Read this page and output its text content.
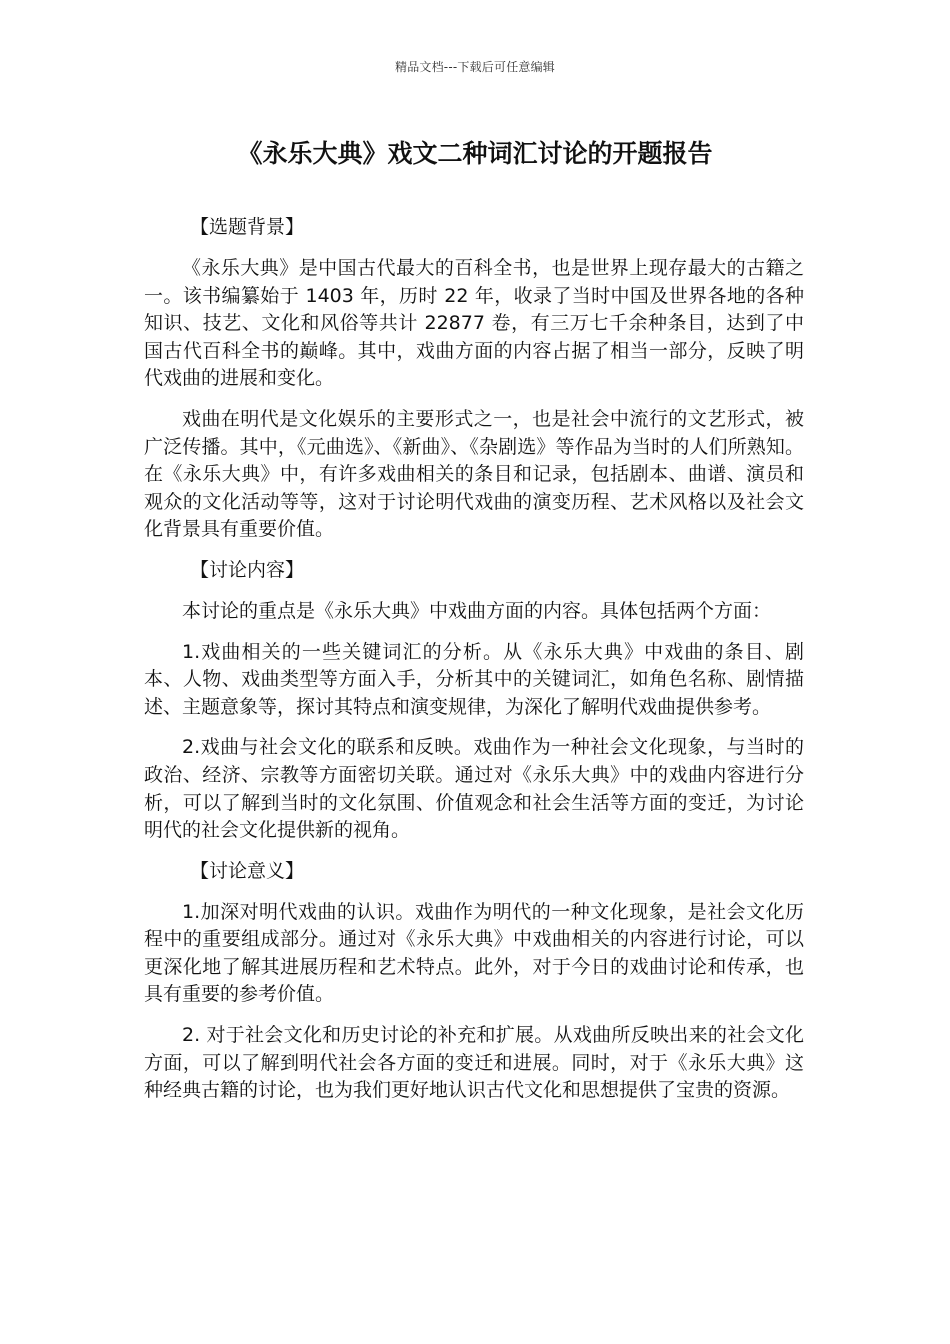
精品文档---下载后可任意编辑
《永乐大典》戏文二种词汇讨论的开题报告
【选题背景】

《永乐大典》是中国古代最大的百科全书，也是世界上现存最大的古籍之一。该书编纂始于 1403 年，历时 22 年，收录了当时中国及世界各地的各种知识、技艺、文化和风俗等共计 22877 卷，有三万七千余种条目，达到了中国古代百科全书的巅峰。其中，戏曲方面的内容占据了相当一部分，反映了明代戏曲的进展和变化。

戏曲在明代是文化娱乐的主要形式之一，也是社会中流行的文艺形式，被广泛传播。其中，《元曲选》、《新曲》、《杂剧选》等作品为当时的人们所熟知。在《永乐大典》中，有许多戏曲相关的条目和记录，包括剧本、曲谱、演员和观众的文化活动等等，这对于讨论明代戏曲的演变历程、艺术风格以及社会文化背景具有重要价值。

【讨论内容】

本讨论的重点是《永乐大典》中戏曲方面的内容。具体包括两个方面：

1.戏曲相关的一些关键词汇的分析。从《永乐大典》中戏曲的条目、剧本、人物、戏曲类型等方面入手，分析其中的关键词汇，如角色名称、剧情描述、主题意象等，探讨其特点和演变规律，为深化了解明代戏曲提供参考。

2.戏曲与社会文化的联系和反映。戏曲作为一种社会文化现象，与当时的政治、经济、宗教等方面密切关联。通过对《永乐大典》中的戏曲内容进行分析，可以了解到当时的文化氛围、价值观念和社会生活等方面的变迁，为讨论明代的社会文化提供新的视角。

【讨论意义】

1.加深对明代戏曲的认识。戏曲作为明代的一种文化现象，是社会文化历程中的重要组成部分。通过对《永乐大典》中戏曲相关的内容进行讨论，可以更深化地了解其进展历程和艺术特点。此外，对于今日的戏曲讨论和传承，也具有重要的参考价值。

2. 对于社会文化和历史讨论的补充和扩展。从戏曲所反映出来的社会文化方面，可以了解到明代社会各方面的变迁和进展。同时，对于《永乐大典》这种经典古籍的讨论，也为我们更好地认识古代文化和思想提供了宝贵的资源。
